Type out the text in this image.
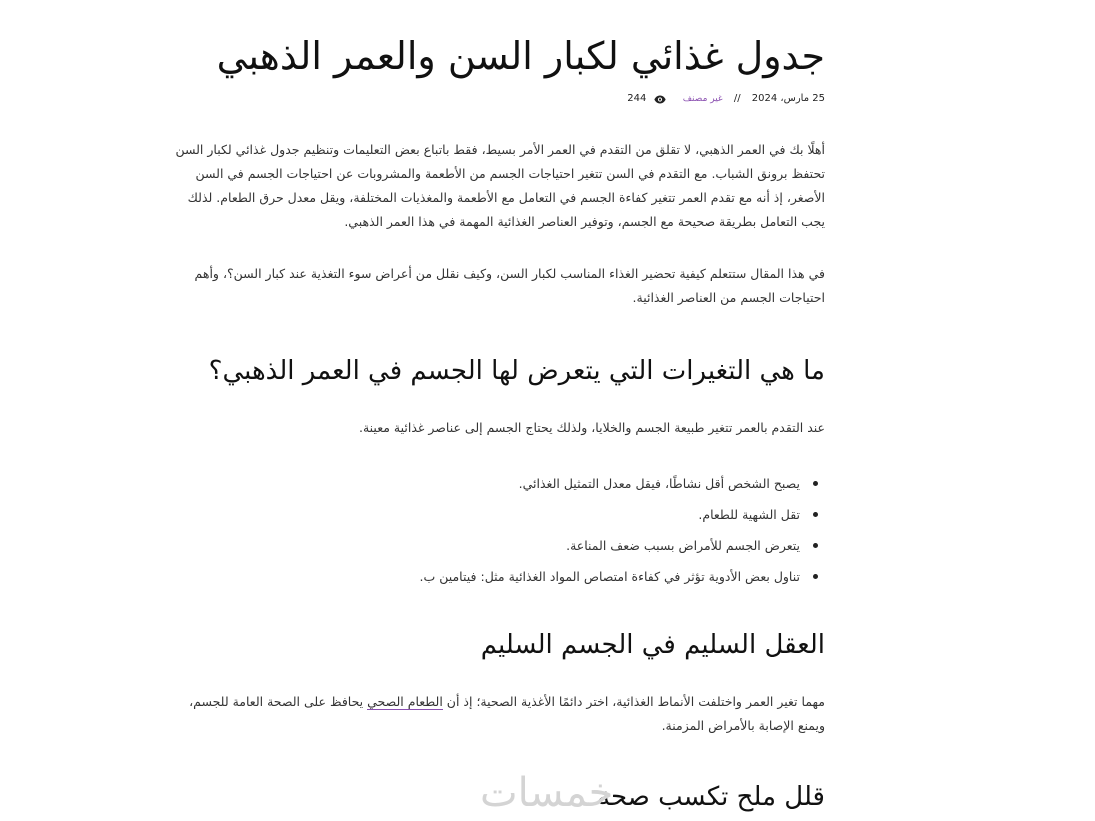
جدول غذائي لكبار السن والعمر الذهبي
25 مارس، 2024 // غير مصنف
244

أهلًا بك في العمر الذهبي، لا تقلق من التقدم في العمر الأمر بسيط، فقط باتباع بعض التعليمات وتنظيم جدول غذائي لكبار السن تحتفظ برونق الشباب. مع التقدم في السن تتغير احتياجات الجسم من الأطعمة والمشروبات عن احتياجات الجسم في السن الأصغر، إذ أنه مع تقدم العمر تتغير كفاءة الجسم في التعامل مع الأطعمة والمغذيات المختلفة، ويقل معدل حرق الطعام. لذلك يجب التعامل بطريقة صحيحة مع الجسم، وتوفير العناصر الغذائية المهمة في هذا العمر الذهبي.

في هذا المقال ستتعلم كيفية تحضير الغذاء المناسب لكبار السن، وكيف نقلل من أعراض سوء التغذية عند كبار السن؟، وأهم احتياجات الجسم من العناصر الغذائية.

ما هي التغيرات التي يتعرض لها الجسم في العمر الذهبي؟

عند التقدم بالعمر تتغير طبيعة الجسم والخلايا، ولذلك يحتاج الجسم إلى عناصر غذائية معينة.

يصبح الشخص أقل نشاطًا، فيقل معدل التمثيل الغذائي.
تقل الشهية للطعام.
يتعرض الجسم للأمراض بسبب ضعف المناعة.
تناول بعض الأدوية تؤثر في كفاءة امتصاص المواد الغذائية مثل: فيتامين ب.
العقل السليم في الجسم السليم

مهما تغير العمر واختلفت الأنماط الغذائية، اختر دائمًا الأغذية الصحية؛ إذ أن الطعام الصحي يحافظ على الصحة العامة للجسم، ويمنع الإصابة بالأمراض المزمنة.

قلل ملح تكسب صحة
خمسات
